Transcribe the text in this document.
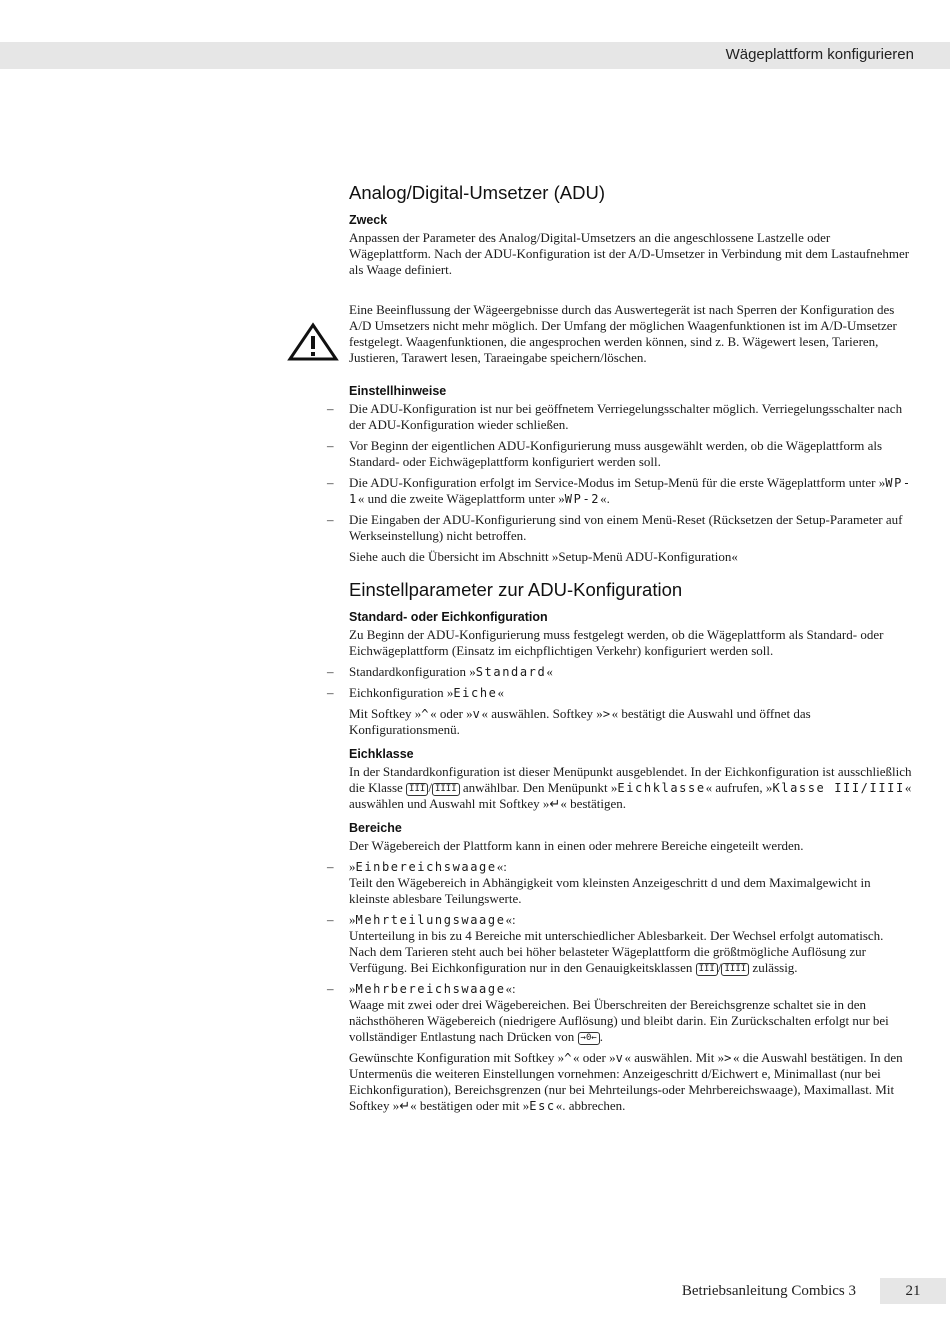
Wägeplattform konfigurieren
Analog/Digital-Umsetzer (ADU)
Zweck

Anpassen der Parameter des Analog/Digital-Umsetzers an die angeschlossene Lastzelle oder Wägeplattform. Nach der ADU-Konfiguration ist der A/D-Umsetzer in Verbindung mit dem Lastaufnehmer als Waage definiert.

Eine Beeinflussung der Wägeergebnisse durch das Auswertegerät ist nach Sperren der Konfiguration des A/D Umsetzers nicht mehr möglich. Der Umfang der möglichen Waagenfunktionen ist im A/D-Umsetzer festgelegt. Waagenfunktionen, die angesprochen werden können, sind z. B. Wägewert lesen, Tarieren, Justieren, Tarawert lesen, Taraeingabe speichern/löschen.

Einstellhinweise
– Die ADU-Konfiguration ist nur bei geöffnetem Verriegelungsschalter möglich. Verriegelungsschalter nach der ADU-Konfiguration wieder schließen.
– Vor Beginn der eigentlichen ADU-Konfigurierung muss ausgewählt werden, ob die Wägeplattform als Standard- oder Eichwägeplattform konfiguriert werden soll.
– Die ADU-Konfiguration erfolgt im Service-Modus im Setup-Menü für die erste Wägeplattform unter »WP-1« und die zweite Wägeplattform unter »WP-2«.
– Die Eingaben der ADU-Konfigurierung sind von einem Menü-Reset (Rücksetzen der Setup-Parameter auf Werkseinstellung) nicht betroffen.

Siehe auch die Übersicht im Abschnitt »Setup-Menü ADU-Konfiguration«

Einstellparameter zur ADU-Konfiguration
Standard- oder Eichkonfiguration

Zu Beginn der ADU-Konfigurierung muss festgelegt werden, ob die Wägeplattform als Standard- oder Eichwägeplattform (Einsatz im eichpflichtigen Verkehr) konfiguriert werden soll.

– Standardkonfiguration »Standard«
– Eichkonfiguration »Eiche«

Mit Softkey »^« oder »v« auswählen. Softkey »>« bestätigt die Auswahl und öffnet das Konfigurationsmenü.

Eichklasse

In der Standardkonfiguration ist dieser Menüpunkt ausgeblendet. In der Eichkonfiguration ist ausschließlich die Klasse III / IIII anwählbar. Den Menüpunkt »Eichklasse« aufrufen, »Klasse III/IIII« auswählen und Auswahl mit Softkey »↵« bestätigen.

Bereiche

Der Wägebereich der Plattform kann in einen oder mehrere Bereiche eingeteilt werden.

– »Einbereichswaage«:
Teilt den Wägebereich in Abhängigkeit vom kleinsten Anzeigeschritt d und dem Maximalgewicht in kleinste ablesbare Teilungswerte.
– »Mehrteilungswaage«:
Unterteilung in bis zu 4 Bereiche mit unterschiedlicher Ablesbarkeit. Der Wechsel erfolgt automatisch. Nach dem Tarieren steht auch bei höher belasteter Wägeplattform die größtmögliche Auflösung zur Verfügung. Bei Eichkonfiguration nur in den Genauigkeitsklassen III / IIII zulässig.
– »Mehrbereichswaage«:
Waage mit zwei oder drei Wägebereichen. Bei Überschreiten der Bereichsgrenze schaltet sie in den nächsthöheren Wägebereich (niedrigere Auflösung) und bleibt darin. Ein Zurückschalten erfolgt nur bei vollständiger Entlastung nach Drücken von →0← .

Gewünschte Konfiguration mit Softkey »^« oder »v« auswählen. Mit »>« die Auswahl bestätigen. In den Untermenüs die weiteren Einstellungen vornehmen: Anzeigeschritt d/Eichwert e, Minimallast (nur bei Eichkonfiguration), Bereichsgrenzen (nur bei Mehrteilungs-oder Mehrbereichswaage), Maximallast. Mit Softkey »↵« bestätigen oder mit »Esc«. abbrechen.

Betriebsanleitung Combics 3	21
